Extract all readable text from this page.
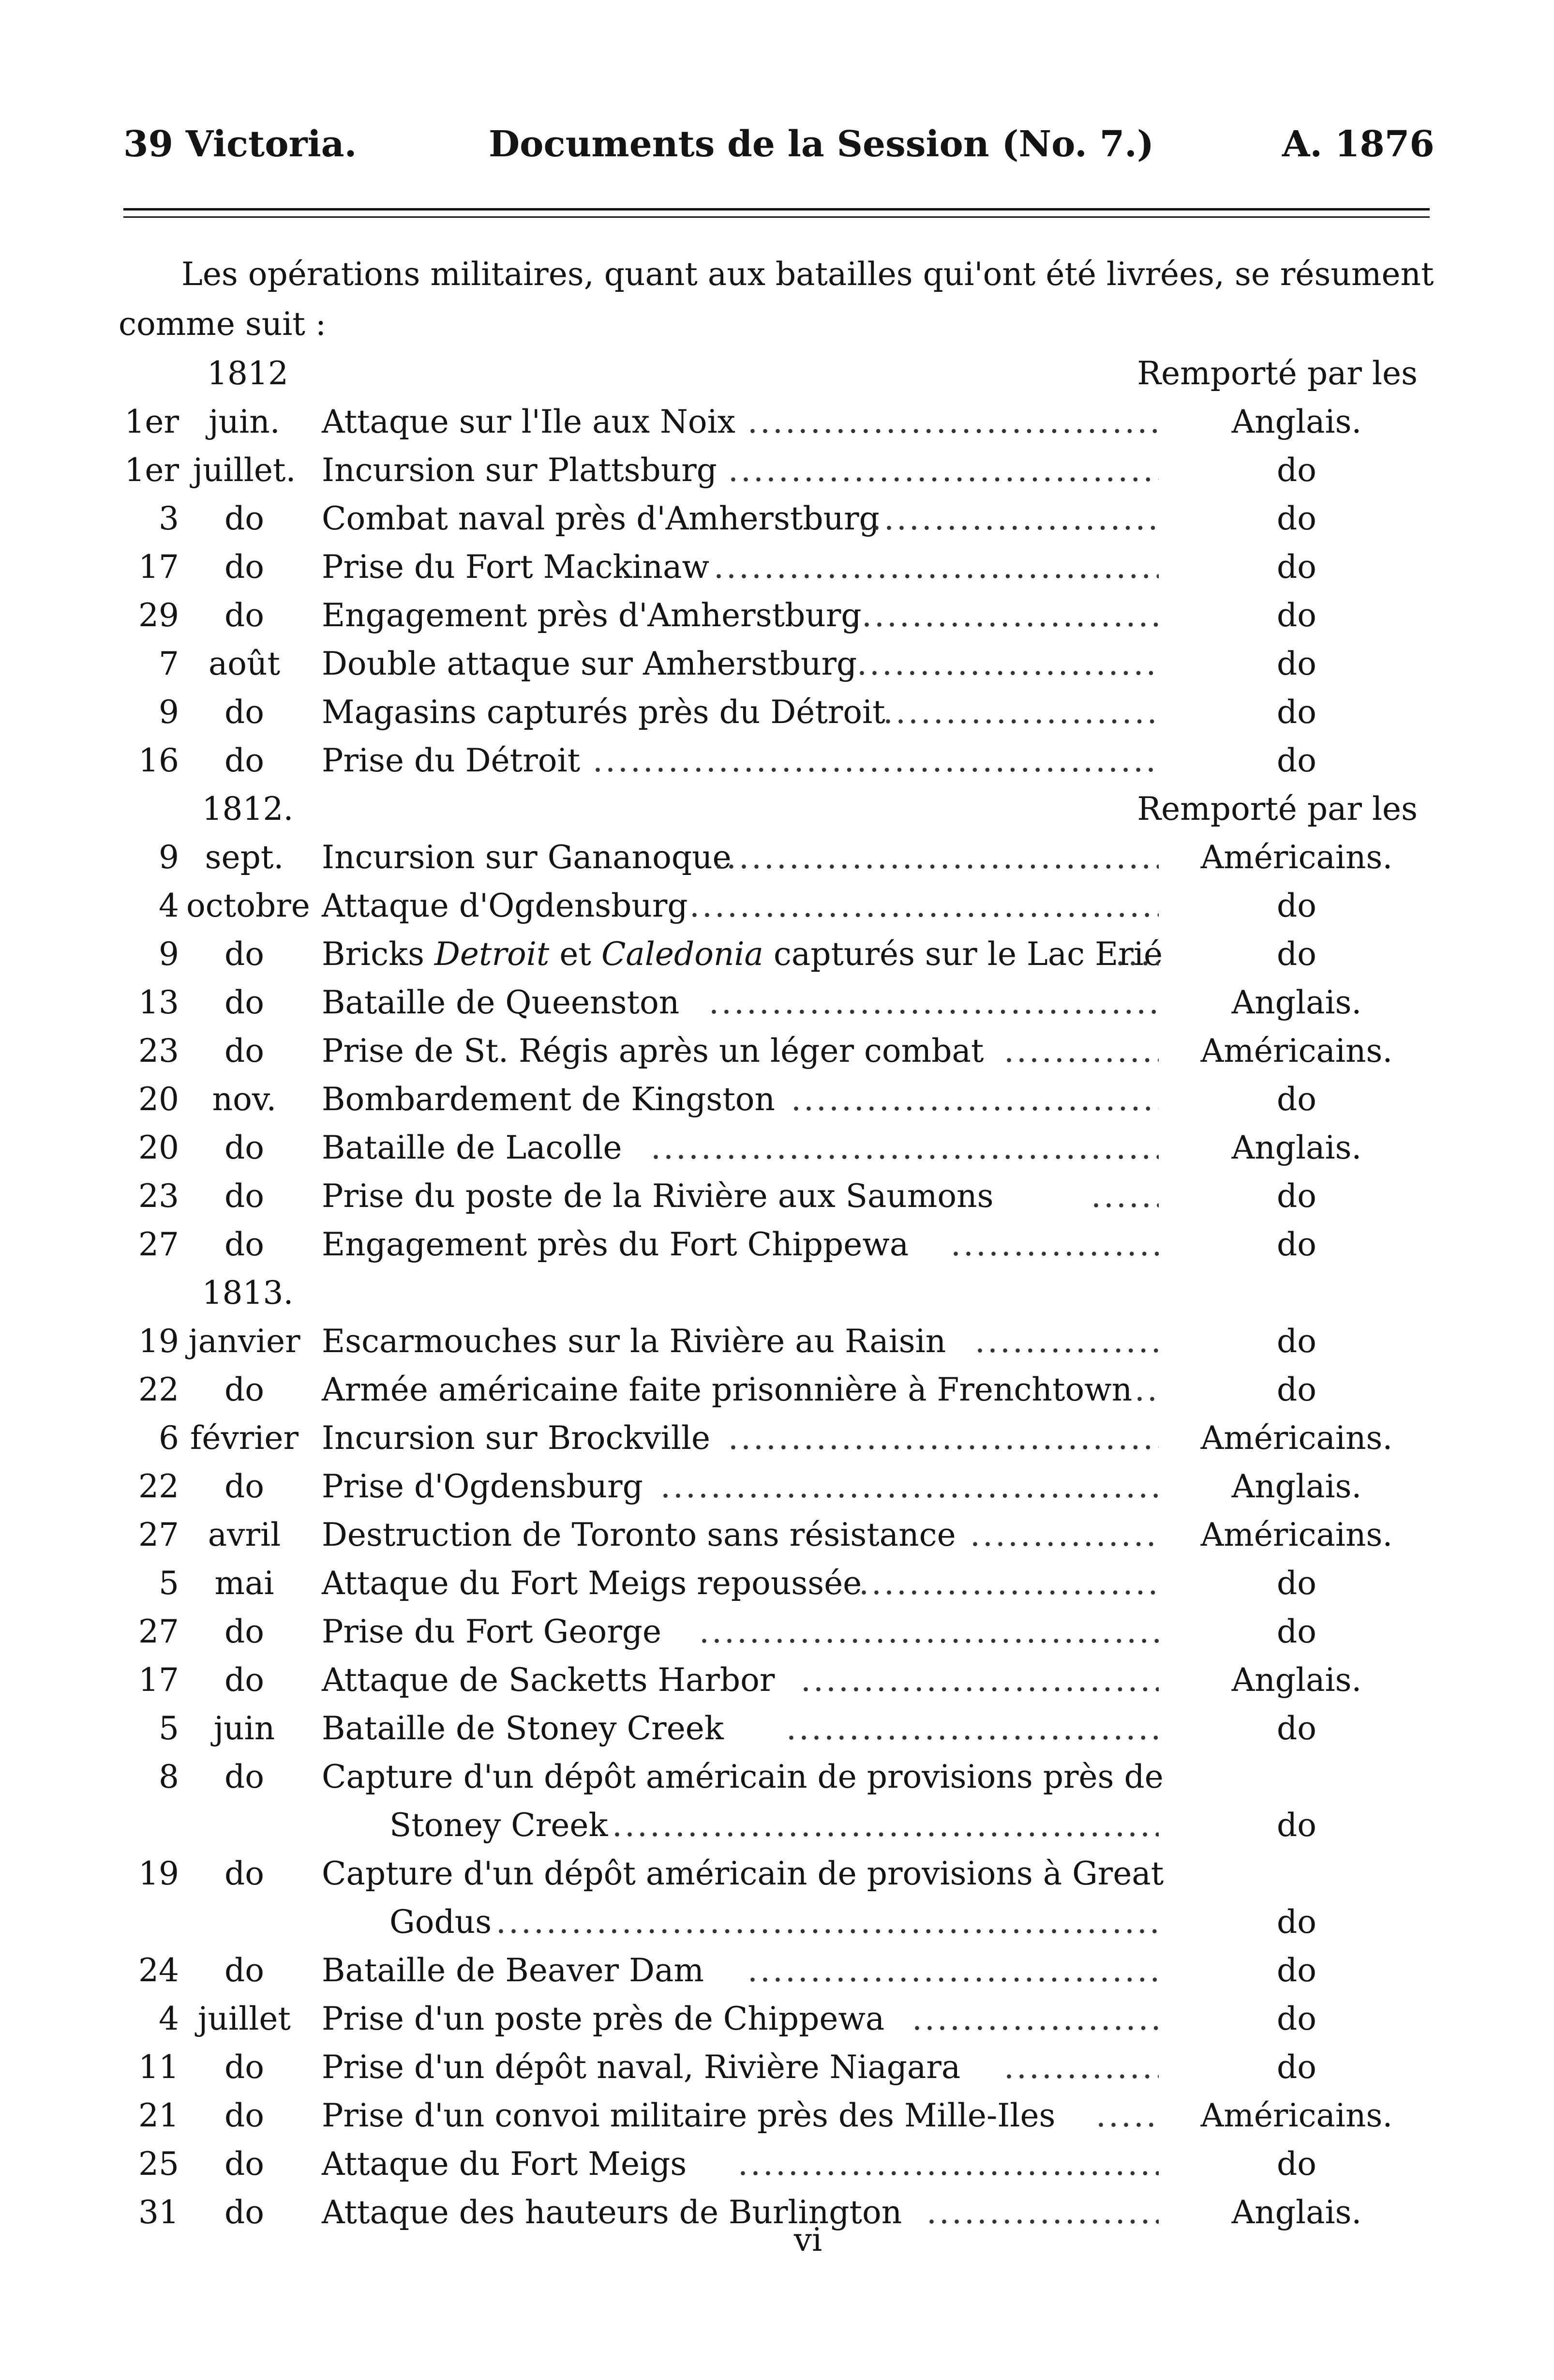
39 Victoria.	Documents de la Session (No. 7.)	A. 1876

Les opérations militaires, quant aux batailles qui'ont été livrées, se résument comme suit :

1812	Remporté par les
1er juin.	Attaque sur l'Ile aux Noix .....	Anglais.
1er juillet. Incursion sur Plattsburg .....	do
3	do	Combat naval près d'Amherstburg .....	do
17	do	Prise du Fort Mackinaw .....	do
29	do	Engagement près d'Amherstburg .....	do
7 août	Double attaque sur Amherstburg .....	do
9	do	Magasins capturés près du Détroit .....	do
16	do	Prise du Détroit .....	do
1812.	Remporté par les
9 sept.	Incursion sur Gananoque .....	Américains.
4 octobre Attaque d'Ogdensburg .....	do
9	do	Bricks Detroit et Caledonia capturés sur le Lac Erié .....	do
13	do	Bataille de Queenston .....	Anglais.
23	do	Prise de St. Régis après un léger combat .....	Américains.
20	nov.	Bombardement de Kingston .....	do
20	do	Bataille de Lacolle .....	Anglais.
23	do	Prise du poste de la Rivière aux Saumons .....	do
27	do	Engagement près du Fort Chippewa .....	do
1813.
19 janvier Escarmouches sur la Rivière au Raisin .....	do
22	do	Armée américaine faite prisonnière à Frenchtown .....	do
6 février Incursion sur Brockville .....	Américains.
22	do	Prise d'Ogdensburg .....	Anglais.
27 avril	Destruction de Toronto sans résistance .....	Américains.
5	mai	Attaque du Fort Meigs repoussée .....	do
27	do	Prise du Fort George .....	do
17	do	Attaque de Sacketts Harbor .....	Anglais.
5	juin	Bataille de Stoney Creek .....	do
8	do	Capture d'un dépôt américain de provisions près de
Stoney Creek .....	do
19	do	Capture d'un dépôt américain de provisions à Great
Godus .....	do
24	do	Bataille de Beaver Dam .....	do
4 juillet Prise d'un poste près de Chippewa .....	do
11	do	Prise d'un dépôt naval, Rivière Niagara .....	do
21	do	Prise d'un convoi militaire près des Mille-Iles .....	Américains.
25	do	Attaque du Fort Meigs .....	do
31	do	Attaque des hauteurs de Burlington .....	Anglais.
vi
